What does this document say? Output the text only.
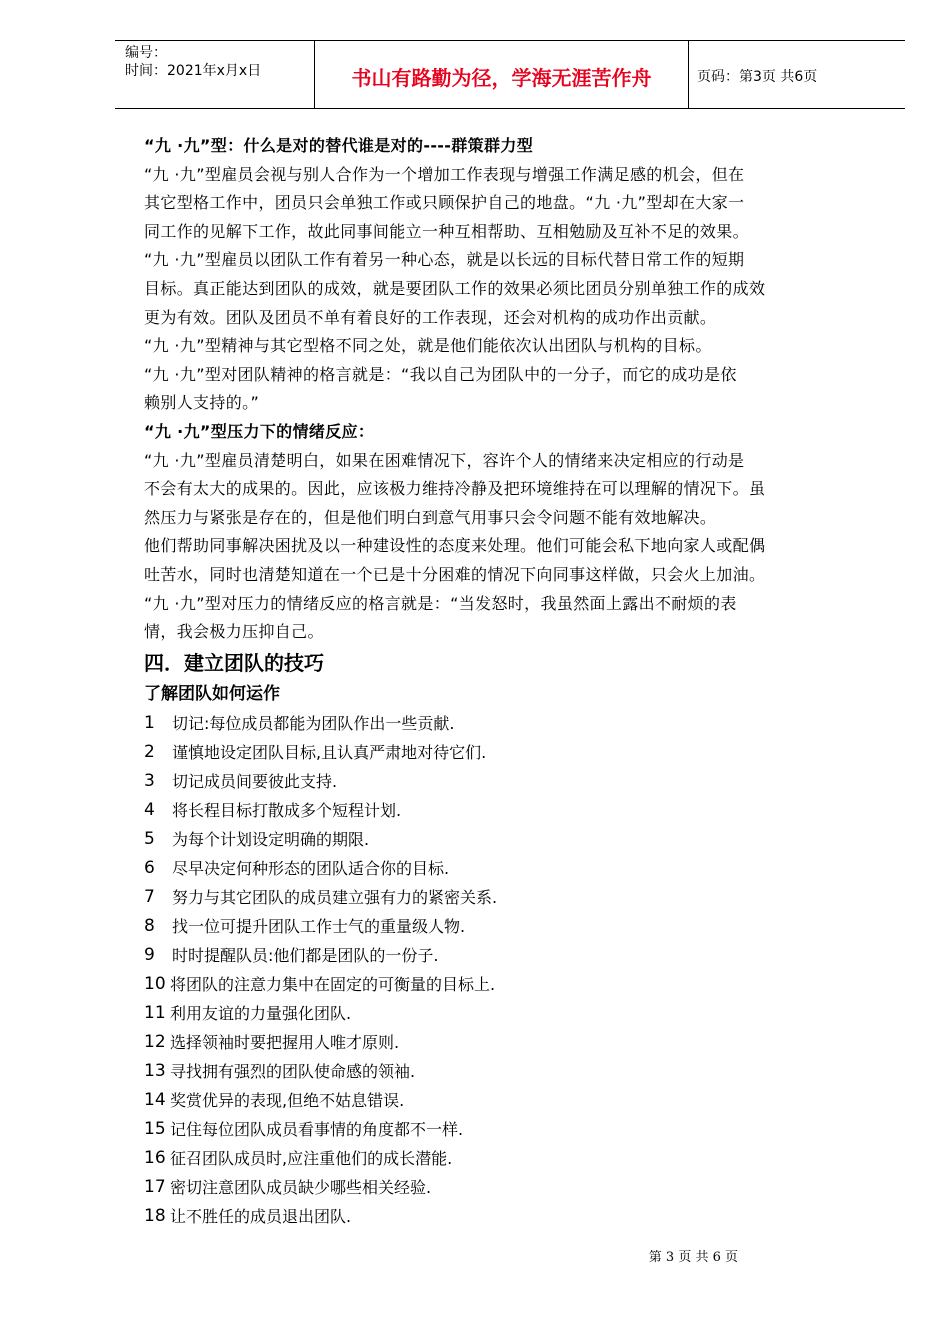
编号：
时间：2021年x月x日	书山有路勤为径，学海无涯苦作舟	页码：第3页 共6页

“九 ·九”型：什么是对的替代谁是对的----群策群力型

“九 ·九”型雇员会视与别人合作为一个增加工作表现与增强工作满足感的机会，但在

其它型格工作中，团员只会单独工作或只顾保护自己的地盘。“九 ·九”型却在大家一

同工作的见解下工作，故此同事间能立一种互相帮助、互相勉励及互补不足的效果。

“九 ·九”型雇员以团队工作有着另一种心态，就是以长远的目标代替日常工作的短期

目标。真正能达到团队的成效，就是要团队工作的效果必须比团员分别单独工作的成效

更为有效。团队及团员不单有着良好的工作表现，还会对机构的成功作出贡献。

“九 ·九”型精神与其它型格不同之处，就是他们能依次认出团队与机构的目标。

“九 ·九”型对团队精神的格言就是：“我以自己为团队中的一分子，而它的成功是依

赖别人支持的。”

“九 ·九”型压力下的情绪反应：

“九 ·九”型雇员清楚明白，如果在困难情况下，容许个人的情绪来决定相应的行动是

不会有太大的成果的。因此，应该极力维持冷静及把环境维持在可以理解的情况下。虽

然压力与紧张是存在的，但是他们明白到意气用事只会令问题不能有效地解决。

他们帮助同事解决困扰及以一种建设性的态度来处理。他们可能会私下地向家人或配偶

吐苦水，同时也清楚知道在一个已是十分困难的情况下向同事这样做，只会火上加油。

“九 ·九”型对压力的情绪反应的格言就是：“当发怒时，我虽然面上露出不耐烦的表

情，我会极力压抑自己。

四．建立团队的技巧

了解团队如何运作

1	切记:每位成员都能为团队作出一些贡献.
2	谨慎地设定团队目标,且认真严肃地对待它们.
3	切记成员间要彼此支持.
4	将长程目标打散成多个短程计划.
5	为每个计划设定明确的期限.
6	尽早决定何种形态的团队适合你的目标.
7	努力与其它团队的成员建立强有力的紧密关系.
8	找一位可提升团队工作士气的重量级人物.
9	时时提醒队员:他们都是团队的一份子.
10 将团队的注意力集中在固定的可衡量的目标上.
11 利用友谊的力量强化团队.
12 选择领袖时要把握用人唯才原则.
13 寻找拥有强烈的团队使命感的领袖.
14 奖赏优异的表现,但绝不姑息错误.
15 记住每位团队成员看事情的角度都不一样.
16 征召团队成员时,应注重他们的成长潜能.
17 密切注意团队成员缺少哪些相关经验.
18 让不胜任的成员退出团队.
第 3 页 共 6 页
